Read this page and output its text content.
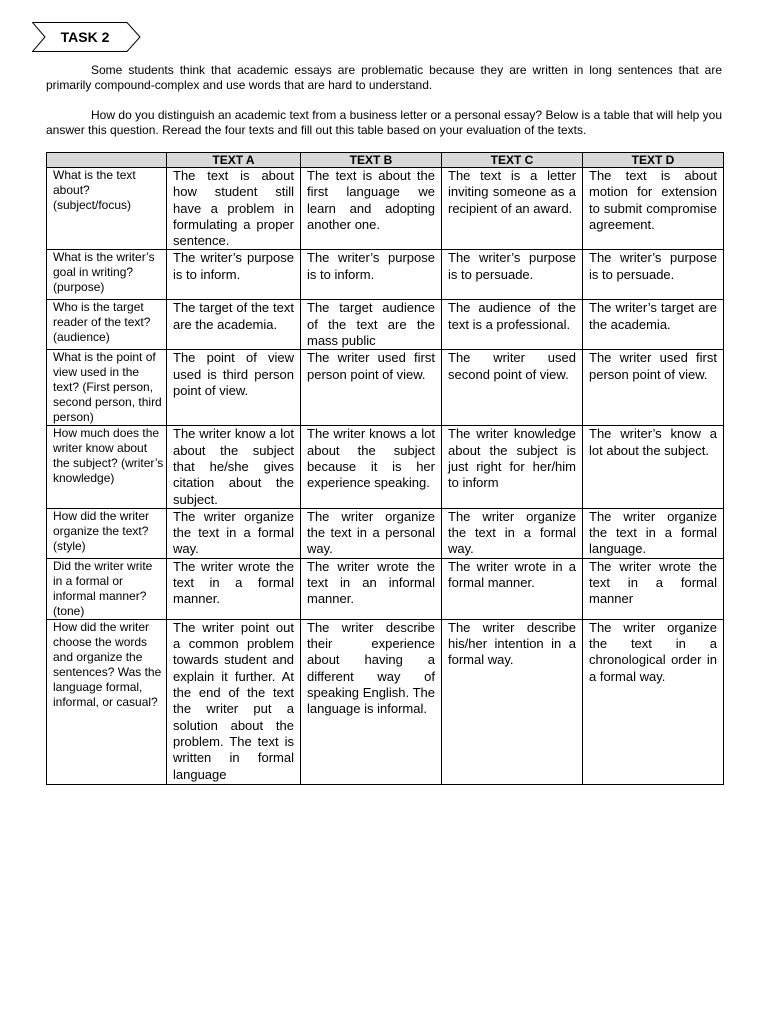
TASK 2

Some students think that academic essays are problematic because they are written in long sentences that are primarily compound-complex and use words that are hard to understand.

How do you distinguish an academic text from a business letter or a personal essay? Below is a table that will help you answer this question. Reread the four texts and fill out this table based on your evaluation of the texts.

	TEXT A	TEXT B	TEXT C	TEXT D
What is the text about? (subject/focus)	The text is about how student still have a problem in formulating a proper sentence.	The text is about the first language we learn and adopting another one.	The text is a letter inviting someone as a recipient of an award.	The text is about motion for extension to submit compromise agreement.
What is the writer’s goal in writing? (purpose)	The writer’s purpose is to inform.	The writer’s purpose is to inform.	The writer’s purpose is to persuade.	The writer’s purpose is to persuade.
Who is the target reader of the text? (audience)	The target of the text are the academia.	The target audience of the text are the mass public	The audience of the text is a professional.	The writer’s target are the academia.
What is the point of view used in the text? (First person, second person, third person)	The point of view used is third person point of view.	The writer used first person point of view.	The writer used second point of view.	The writer used first person point of view.
How much does the writer know about the subject? (writer’s knowledge)	The writer know a lot about the subject that he/she gives citation about the subject.	The writer knows a lot about the subject because it is her experience speaking.	The writer knowledge about the subject is just right for her/him to inform	The writer’s know a lot about the subject.
How did the writer organize the text? (style)	The writer organize the text in a formal way.	The writer organize the text in a personal way.	The writer organize the text in a formal way.	The writer organize the text in a formal language.
Did the writer write in a formal or informal manner? (tone)	The writer wrote the text in a formal manner.	The writer wrote the text in an informal manner.	The writer wrote in a formal manner.	The writer wrote the text in a formal manner
How did the writer choose the words and organize the sentences? Was the language formal, informal, or casual?	The writer point out a common problem towards student and explain it further. At the end of the text the writer put a solution about the problem. The text is written in formal language	The writer describe their experience about having a different way of speaking English. The language is informal.	The writer describe his/her intention in a formal way.	The writer organize the text in a chronological order in a formal way.
